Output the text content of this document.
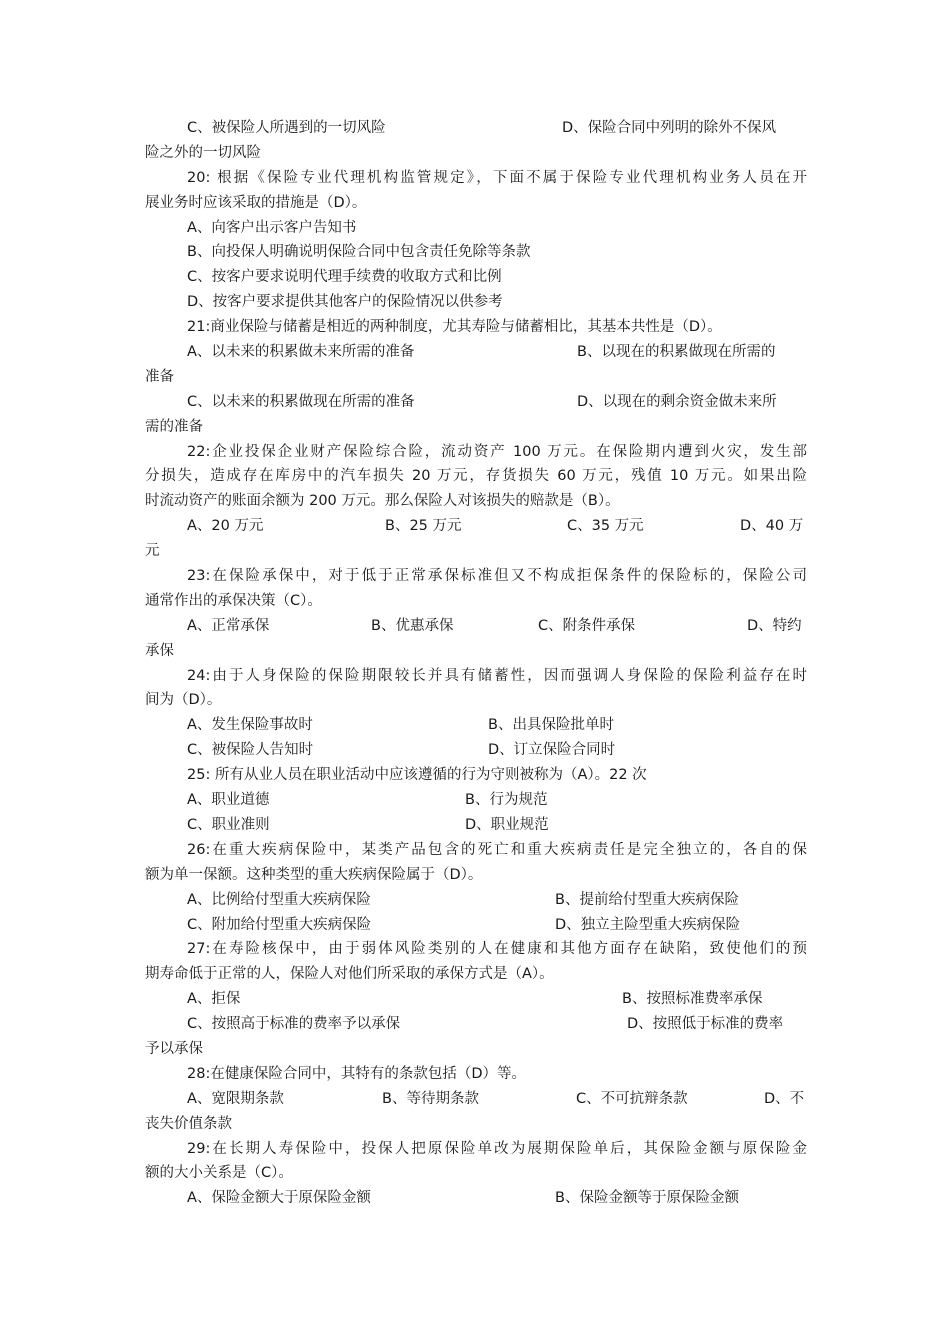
C、被保险人所遇到的一切风险	D、保险合同中列明的除外不保风
险之外的一切风险
20: 根据《保险专业代理机构监管规定》，下面不属于保险专业代理机构业务人员在开
展业务时应该采取的措施是（D）。
A、向客户出示客户告知书
B、向投保人明确说明保险合同中包含责任免除等条款
C、按客户要求说明代理手续费的收取方式和比例
D、按客户要求提供其他客户的保险情况以供参考
21:商业保险与储蓄是相近的两种制度，尤其寿险与储蓄相比，其基本共性是（D）。
A、以未来的积累做未来所需的准备	B、以现在的积累做现在所需的
准备
C、以未来的积累做现在所需的准备	D、以现在的剩余资金做未来所
需的准备
22:企业投保企业财产保险综合险，流动资产 100 万元。在保险期内遭到火灾，发生部
分损失，造成存在库房中的汽车损失 20 万元，存货损失 60 万元，残值 10 万元。如果出险
时流动资产的账面余额为 200 万元。那么保险人对该损失的赔款是（B）。
A、20 万元	B、25 万元	C、35 万元	D、40 万
元
23:在保险承保中，对于低于正常承保标准但又不构成拒保条件的保险标的，保险公司
通常作出的承保决策（C）。
A、正常承保	B、优惠承保	C、附条件承保	D、特约
承保
24:由于人身保险的保险期限较长并具有储蓄性，因而强调人身保险的保险利益存在时
间为（D）。
A、发生保险事故时	B、出具保险批单时
C、被保险人告知时	D、订立保险合同时
25: 所有从业人员在职业活动中应该遵循的行为守则被称为（A）。22 次
A、职业道德	B、行为规范
C、职业准则	D、职业规范
26:在重大疾病保险中，某类产品包含的死亡和重大疾病责任是完全独立的，各自的保
额为单一保额。这种类型的重大疾病保险属于（D）。
A、比例给付型重大疾病保险	B、提前给付型重大疾病保险
C、附加给付型重大疾病保险	D、独立主险型重大疾病保险
27:在寿险核保中，由于弱体风险类别的人在健康和其他方面存在缺陷，致使他们的预
期寿命低于正常的人，保险人对他们所采取的承保方式是（A）。
A、拒保	B、按照标准费率承保
C、按照高于标准的费率予以承保	D、按照低于标准的费率
予以承保
28:在健康保险合同中，其特有的条款包括（D）等。
A、宽限期条款	B、等待期条款	C、不可抗辩条款	D、不
丧失价值条款
29:在长期人寿保险中，投保人把原保险单改为展期保险单后，其保险金额与原保险金
额的大小关系是（C）。
A、保险金额大于原保险金额	B、保险金额等于原保险金额
